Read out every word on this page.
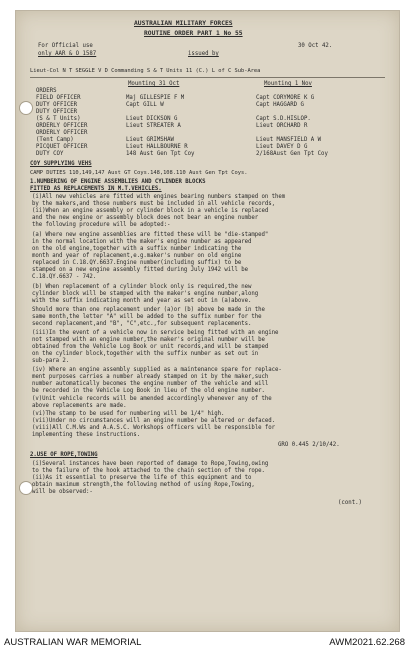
AUSTRALIAN MILITARY FORCES
ROUTINE ORDER PART 1 No 55
For Official use
only AAR & O 1587	issued by
30 Oct 42.
Lieut-Col N T SEGGLE V D Commanding S & T Units 11 (C.) L of C Sub-Area
Mounting 31 Oct	Mounting 1 Nov
ORDERS
FIELD OFFICER	Maj GILLESPIE F M	Capt CORYMORE K G
DUTY OFFICER	Capt GILL W	Capt HAGGARD G
DUTY OFFICER
(S & T Units)	Lieut DICKSON G	Capt S.D.HISLOP.
ORDERLY OFFICER	Lieut STREATER A	Lieut ORCHARD R
ORDERLY OFFICER
(Tent Camp)	Lieut GRIMSHAW	Lieut MANSFIELD A W
PICQUET OFFICER	Lieut HALLBOURNE R	Lieut DAVEY D G
DUTY COY	148 Aust Gen Tpt Coy	2/168Aust Gen Tpt Coy
COY SUPPLYING VEHS
CAMP DUTIES 110,149,147 Aust GT Coys.148,108.110 Aust Gen Tpt Coys.
1.NUMBERING OF ENGINE ASSEMBLIES AND CYLINDER BLOCKS
FITTED AS REPLACEMENTS IN M.T.VEHICLES.
(i)All new vehicles are fitted with engines bearing numbers stamped on them
by the makers,and those numbers must be included in all vehicle records,
(ii)When an engine assembly or cylinder block in a vehicle is replaced
and the new engine or assembly block does not bear an engine number
the following procedure will be adopted:-
(a) Where new engine assemblies are fitted these will be "die-stamped"
in the normal location with the maker's engine number as appeared
on the old engine,together with a suffix number indicating the
month and year of replacement,e.g.maker's number on old engine
replaced in C.18.QY.6637.Engine number(including suffix) to be
stamped on a new engine assembly fitted during July 1942 will be
C.18.QY.6637 - 742.
(b) When replacement of a cylinder block only is required,the new
cylinder block will be stamped with the maker's engine number,along
with the suffix indicating month and year as set out in (a)above.
Should more than one replacement under (a)or (b) above be made in the
same month,the letter "A" will be added to the suffix number for the
second replacement,and "B", "C",etc.,for subsequent replacements.
(iii)In the event of a vehicle now in service being fitted with an engine
not stamped with an engine number,the maker's original number will be
obtained from the Vehicle Log Book or unit records,and will be stamped
on the cylinder block,together with the suffix number as set out in
sub-para 2.
(iv) Where an engine assembly supplied as a maintenance spare for replace-
ment purposes carries a number already stamped on it by the maker,such
number automatically becomes the engine number of the vehicle and will
be recorded in the Vehicle Log Book in lieu of the old engine number.
(v)Unit vehicle records will be amended accordingly whenever any of the
above replacements are made.
(vi)The stamp to be used for numbering will be 1/4" high.
(vii)Under no circumstances will an engine number be altered or defaced.
(viii)All C.M.Ws and A.A.S.C. Workshops officers will be responsible for
implementing these instructions.
GRO 0.445 2/10/42.
2.USE OF ROPE,TOWING
(i)Several instances have been reported of damage to Rope,Towing,owing
to the failure of the hook attached to the chain section of the rope.
(ii)As it essential to preserve the life of this equipment and to
obtain maximum strength,the following method of using Rope,Towing,
will be observed:-
(cont.)
AUSTRALIAN WAR MEMORIAL	AWM2021.62.268
